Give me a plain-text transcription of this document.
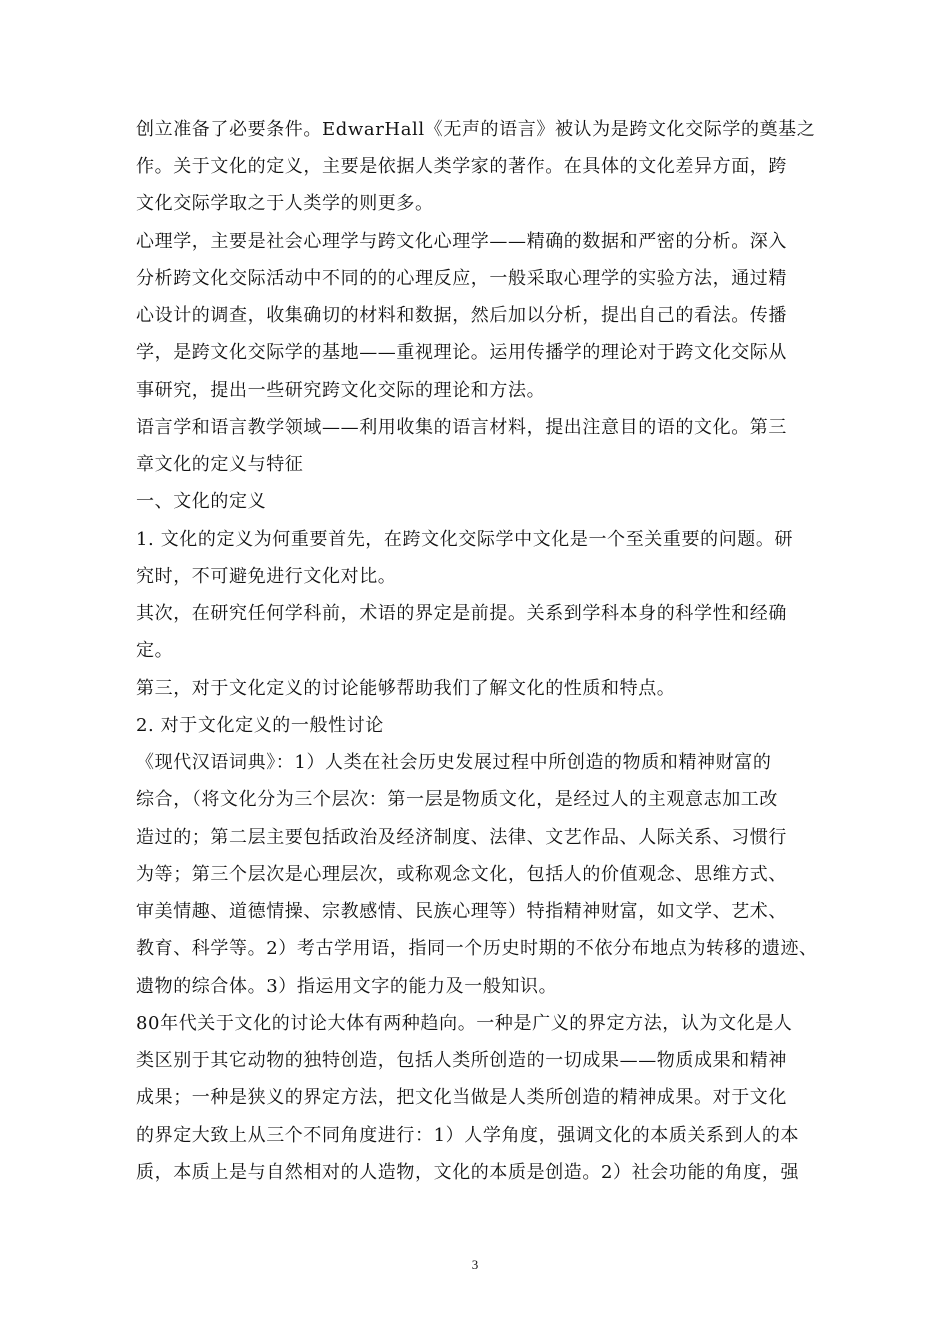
创立准备了必要条件。EdwarHall《无声的语言》被认为是跨文化交际学的奠基之
作。关于文化的定义，主要是依据人类学家的著作。在具体的文化差异方面，跨
文化交际学取之于人类学的则更多。
心理学，主要是社会心理学与跨文化心理学——精确的数据和严密的分析。深入
分析跨文化交际活动中不同的的心理反应，一般采取心理学的实验方法，通过精
心设计的调查，收集确切的材料和数据，然后加以分析，提出自己的看法。传播
学，是跨文化交际学的基地——重视理论。运用传播学的理论对于跨文化交际从
事研究，提出一些研究跨文化交际的理论和方法。
语言学和语言教学领域——利用收集的语言材料，提出注意目的语的文化。第三
章文化的定义与特征
一、文化的定义
1. 文化的定义为何重要首先，在跨文化交际学中文化是一个至关重要的问题。研
究时，不可避免进行文化对比。
其次，在研究任何学科前，术语的界定是前提。关系到学科本身的科学性和经确
定。
第三，对于文化定义的讨论能够帮助我们了解文化的性质和特点。
2. 对于文化定义的一般性讨论
《现代汉语词典》：1）人类在社会历史发展过程中所创造的物质和精神财富的
综合，（将文化分为三个层次：第一层是物质文化，是经过人的主观意志加工改
造过的；第二层主要包括政治及经济制度、法律、文艺作品、人际关系、习惯行
为等；第三个层次是心理层次，或称观念文化，包括人的价值观念、思维方式、
审美情趣、道德情操、宗教感情、民族心理等）特指精神财富，如文学、艺术、
教育、科学等。2）考古学用语，指同一个历史时期的不依分布地点为转移的遗迹、
遗物的综合体。3）指运用文字的能力及一般知识。
80年代关于文化的讨论大体有两种趋向。一种是广义的界定方法，认为文化是人
类区别于其它动物的独特创造，包括人类所创造的一切成果——物质成果和精神
成果；一种是狭义的界定方法，把文化当做是人类所创造的精神成果。对于文化
的界定大致上从三个不同角度进行：1）人学角度，强调文化的本质关系到人的本
质，本质上是与自然相对的人造物，文化的本质是创造。2）社会功能的角度，强
3
